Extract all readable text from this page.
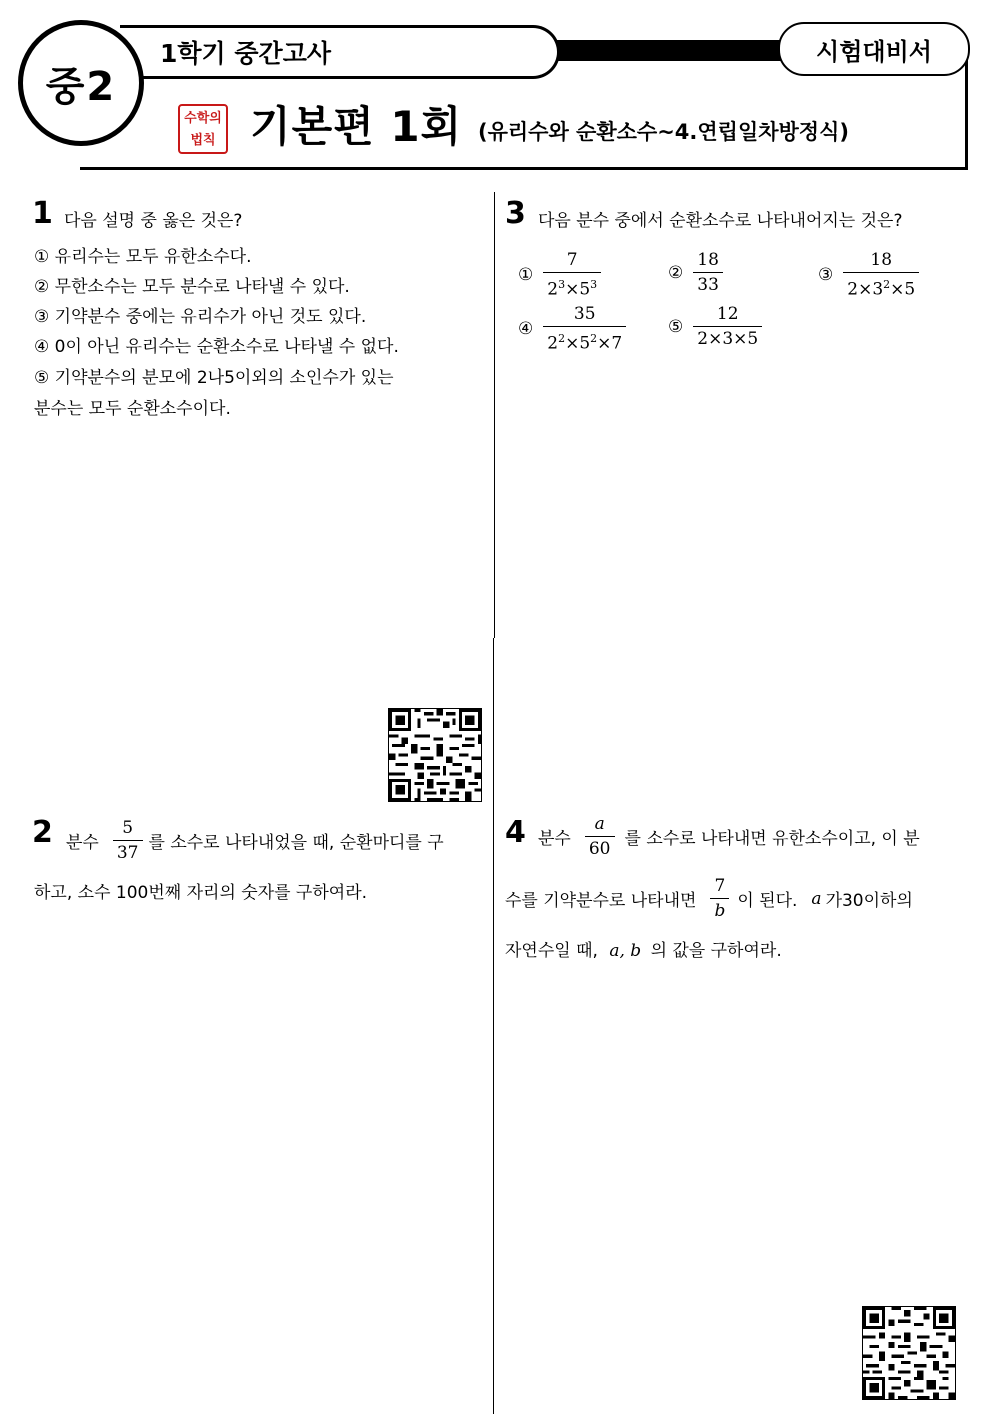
1학기 중간고사	시험대비서
중2
수학의
법칙 기본편 1회 (유리수와 순환소수~4.연립일차방정식)
1 다음 설명 중 옳은 것은?
① 유리수는 모두 유한소수다.
② 무한소수는 모두 분수로 나타낼 수 있다.
③ 기약분수 중에는 유리수가 아닌 것도 있다.
④ 0이 아닌 유리수는 순환소수로 나타낼 수 없다.
⑤ 기약분수의 분모에 2나5이외의 소인수가 있는
분수는 모두 순환소수이다.
2 분수 $\frac{5}{37}$ 를 소수로 나타내었을 때, 순환마디를 구
하고, 소수 100번째 자리의 숫자를 구하여라.
3 다음 분수 중에서 순환소수로 나타내어지는 것은?
① $\frac{7}{2^3\times 5^3}$	② $\frac{18}{33}$	③ $\frac{18}{2\times 3^2\times 5}$
④ $\frac{35}{2^2\times 5^2\times 7}$ ⑤ $\frac{12}{2\times 3\times 5}$
4 분수 $\frac{a}{60}$ 를 소수로 나타내면 유한소수이고, 이 분
수를 기약분수로 나타내면 $\frac{7}{b}$ 이 된다. a 가30이하의
자연수일 때, a, b 의 값을 구하여라.
